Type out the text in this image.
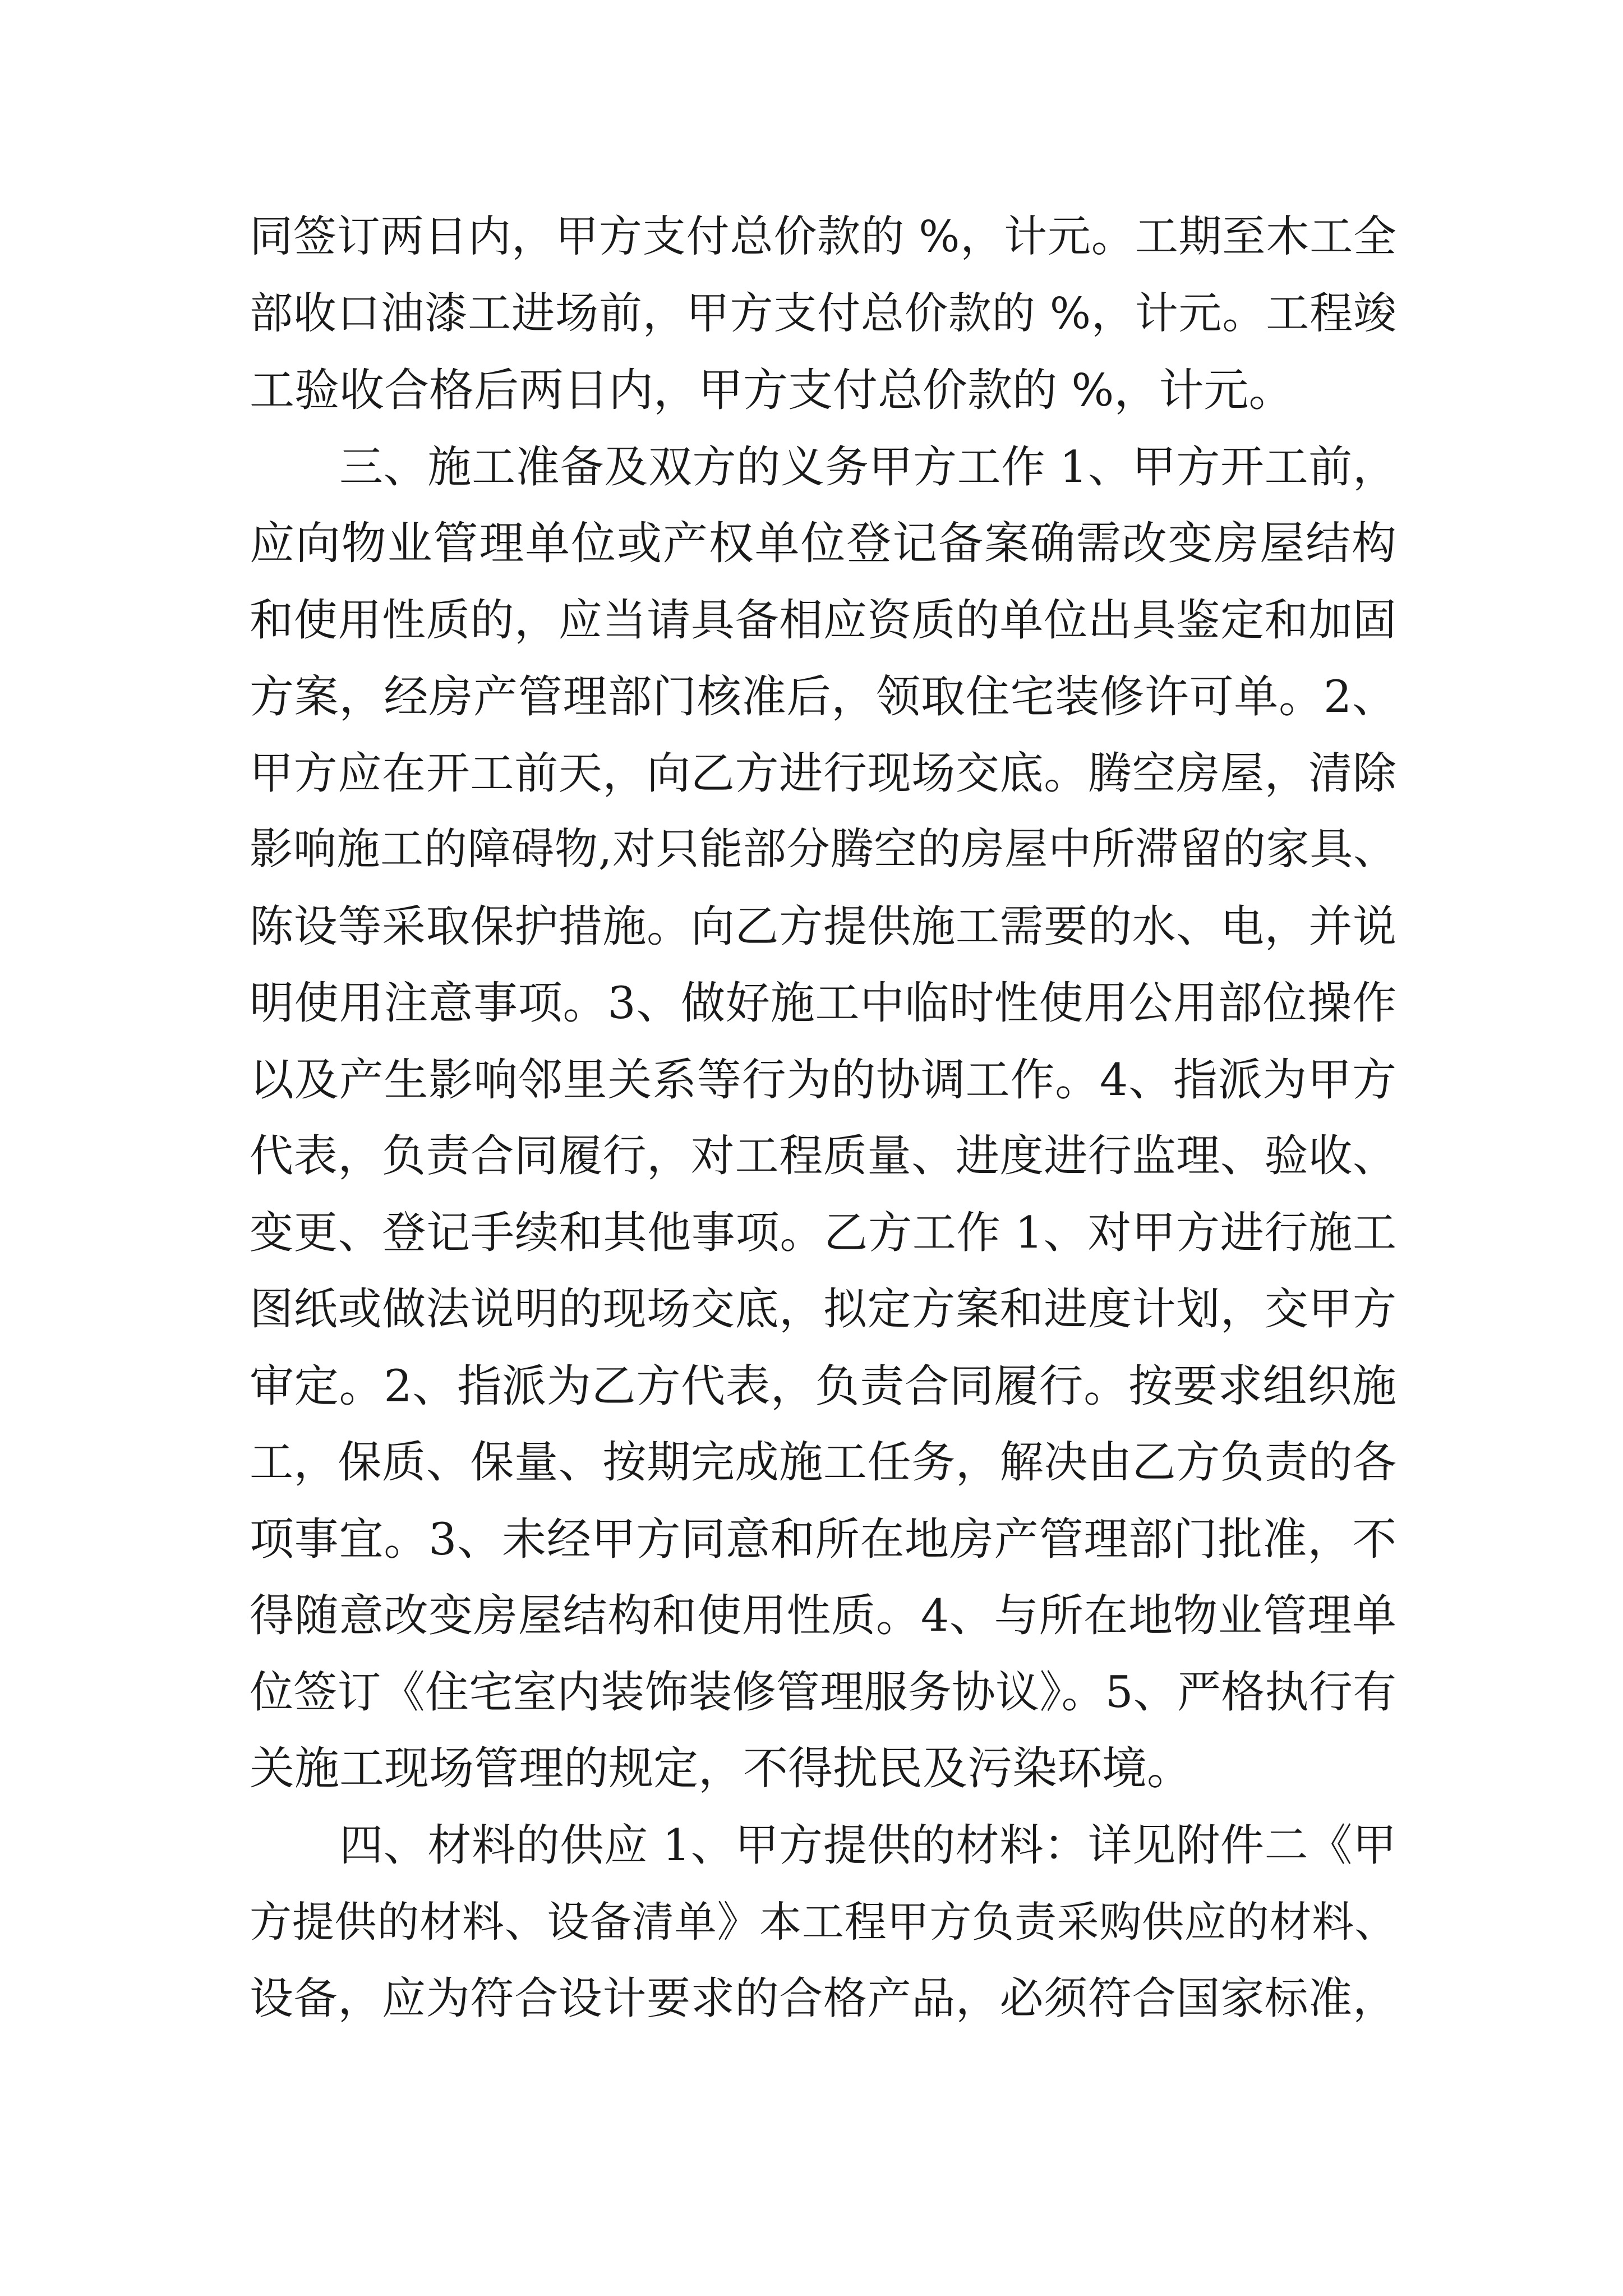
同签订两日内，甲方支付总价款的 %，计元。工期至木工全
部收口油漆工进场前，甲方支付总价款的 %，计元。工程竣
工验收合格后两日内，甲方支付总价款的 %，计元。
三、施工准备及双方的义务甲方工作 1、甲方开工前，
应向物业管理单位或产权单位登记备案确需改变房屋结构
和使用性质的，应当请具备相应资质的单位出具鉴定和加固
方案，经房产管理部门核准后，领取住宅装修许可单。2、
甲方应在开工前天，向乙方进行现场交底。腾空房屋，清除
影响施工的障碍物,对只能部分腾空的房屋中所滞留的家具、
陈设等采取保护措施。向乙方提供施工需要的水、电，并说
明使用注意事项。3、做好施工中临时性使用公用部位操作
以及产生影响邻里关系等行为的协调工作。4、指派为甲方
代表，负责合同履行，对工程质量、进度进行监理、验收、
变更、登记手续和其他事项。乙方工作 1、对甲方进行施工
图纸或做法说明的现场交底，拟定方案和进度计划，交甲方
审定。2、指派为乙方代表，负责合同履行。按要求组织施
工，保质、保量、按期完成施工任务，解决由乙方负责的各
项事宜。3、未经甲方同意和所在地房产管理部门批准，不
得随意改变房屋结构和使用性质。4、与所在地物业管理单
位签订《住宅室内装饰装修管理服务协议》。5、严格执行有
关施工现场管理的规定，不得扰民及污染环境。
四、材料的供应 1、甲方提供的材料：详见附件二《甲
方提供的材料、设备清单》本工程甲方负责采购供应的材料、
设备，应为符合设计要求的合格产品，必须符合国家标准，
